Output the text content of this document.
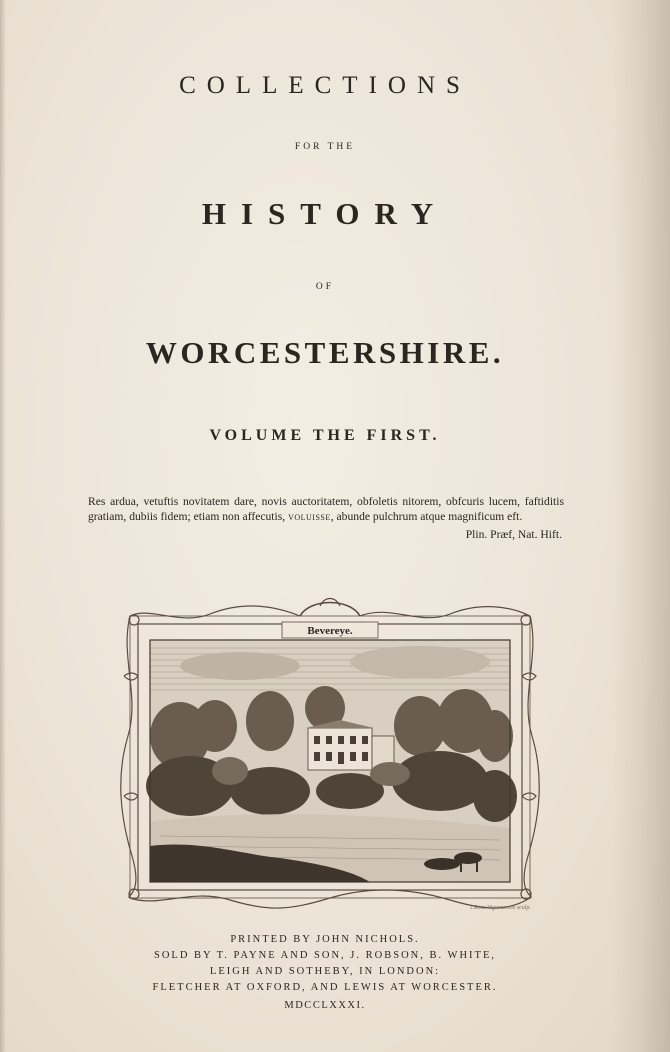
COLLECTIONS
FOR THE
HISTORY
OF
WORCESTERSHIRE.
VOLUME THE FIRST.
Res ardua, vetuftis novitatem dare, novis auctoritatem, obfoletis nitorem, obfcuris lucem, faftiditis gratiam, dubiis fidem; etiam non affecutis, voluisse, abunde pulchrum atque magnificum eft.
Plin. Præf, Nat. Hift.
Bevereye.
J.Ross Vigornensis sculp.
PRINTED BY JOHN NICHOLS.
SOLD BY T. PAYNE AND SON, J. ROBSON, B. WHITE,
LEIGH AND SOTHEBY, IN LONDON:
FLETCHER AT OXFORD, AND LEWIS AT WORCESTER.
MDCCLXXXI.
